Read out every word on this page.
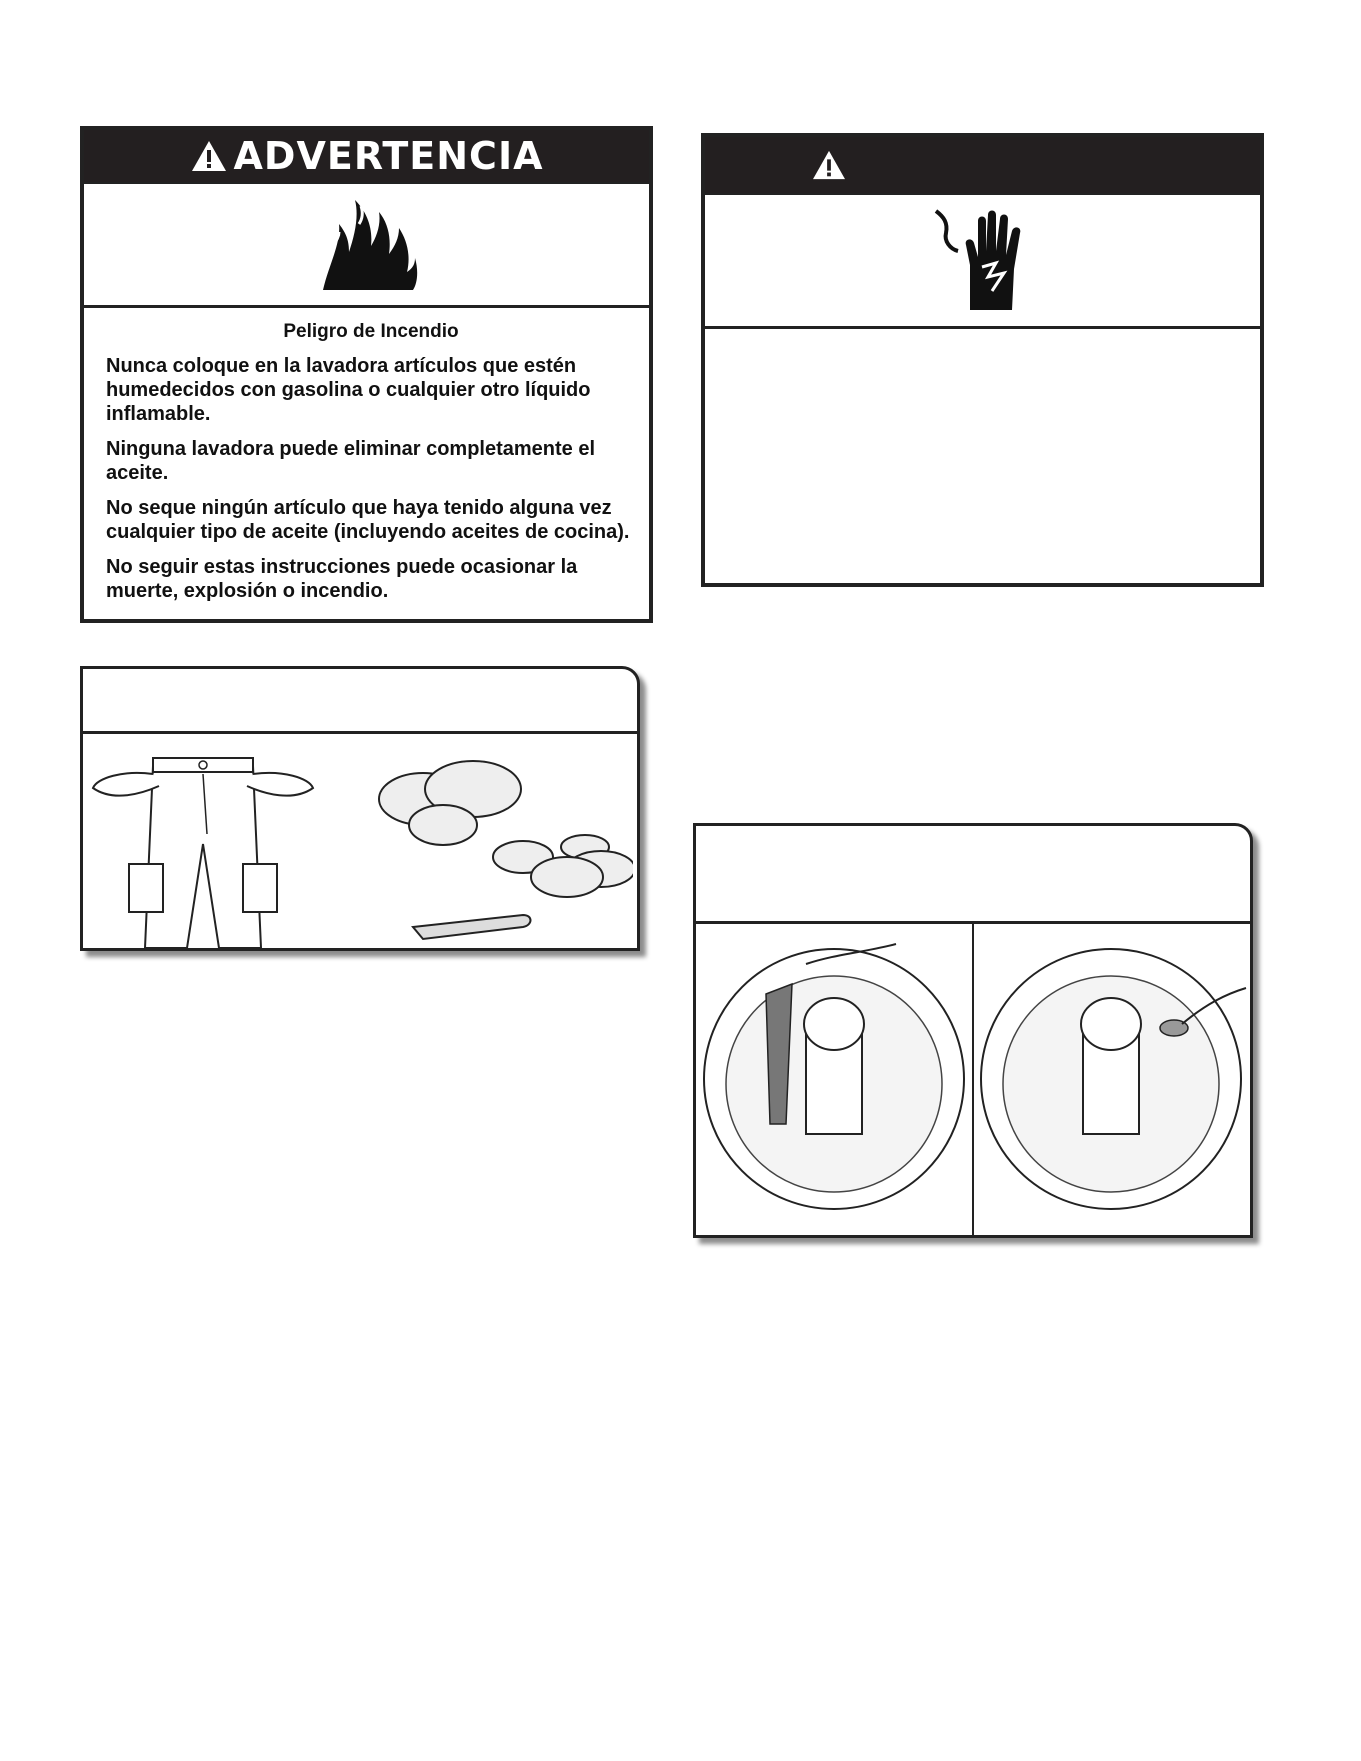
ADVERTENCIA
Peligro de Incendio

Nunca coloque en la lavadora artículos que estén humedecidos con gasolina o cualquier otro líquido inflamable.

Ninguna lavadora puede eliminar completamente el aceite.

No seque ningún artículo que haya tenido alguna vez cualquier tipo de aceite (incluyendo aceites de cocina).

No seguir estas instrucciones puede ocasionar la muerte, explosión o incendio.
